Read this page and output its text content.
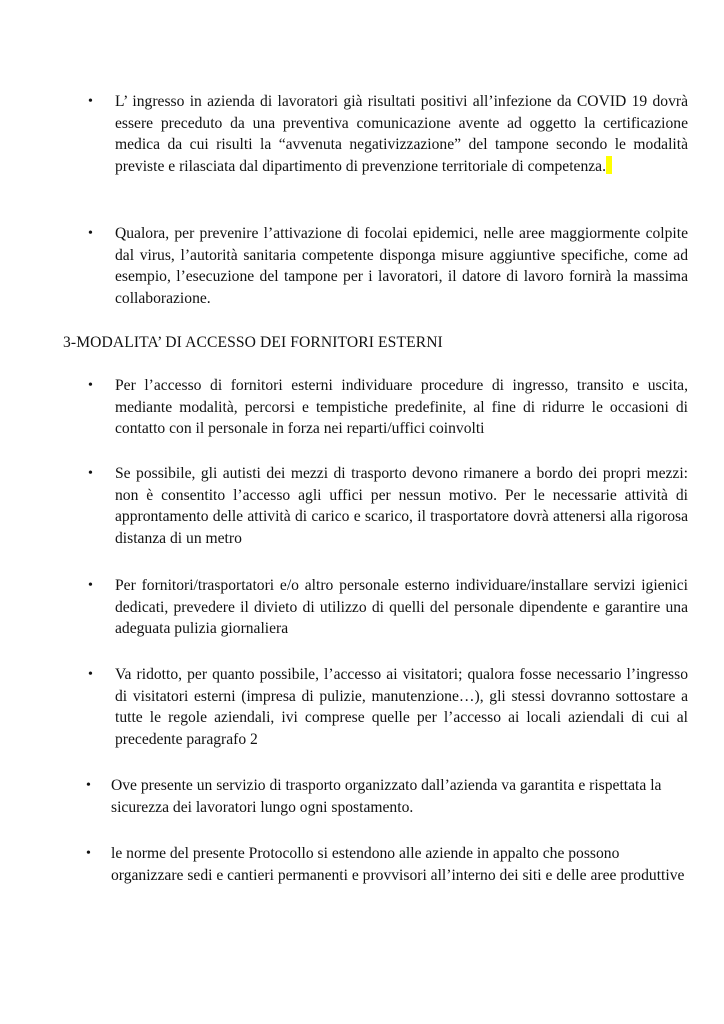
•	L’ ingresso in azienda di lavoratori già risultati positivi all’infezione da COVID 19 dovrà essere preceduto da una preventiva comunicazione avente ad oggetto la certificazione medica da cui risulti la “avvenuta negativizzazione” del tampone secondo le modalità previste e rilasciata dal dipartimento di prevenzione territoriale di competenza.
•	Qualora, per prevenire l’attivazione di focolai epidemici, nelle aree maggiormente colpite dal virus, l’autorità sanitaria competente disponga misure aggiuntive specifiche, come ad esempio, l’esecuzione del tampone per i lavoratori, il datore di lavoro fornirà la massima collaborazione.
3-MODALITA’ DI ACCESSO DEI FORNITORI ESTERNI
•	Per l’accesso di fornitori esterni individuare procedure di ingresso, transito e uscita, mediante modalità, percorsi e tempistiche predefinite, al fine di ridurre le occasioni di contatto con il personale in forza nei reparti/uffici coinvolti
•	Se possibile, gli autisti dei mezzi di trasporto devono rimanere a bordo dei propri mezzi: non è consentito l’accesso agli uffici per nessun motivo. Per le necessarie attività di approntamento delle attività di carico e scarico, il trasportatore dovrà attenersi alla rigorosa distanza di un metro
•	Per fornitori/trasportatori e/o altro personale esterno individuare/installare servizi igienici dedicati, prevedere il divieto di utilizzo di quelli del personale dipendente e garantire una adeguata pulizia giornaliera
•	Va ridotto, per quanto possibile, l’accesso ai visitatori; qualora fosse necessario l’ingresso di visitatori esterni (impresa di pulizie, manutenzione…), gli stessi dovranno sottostare a tutte le regole aziendali, ivi comprese quelle per l’accesso ai locali aziendali di cui al precedente paragrafo 2
•	Ove presente un servizio di trasporto organizzato dall’azienda va garantita e rispettata la sicurezza dei lavoratori lungo ogni spostamento.
•	le norme del presente Protocollo si estendono alle aziende in appalto che possono organizzare sedi e cantieri permanenti e provvisori all’interno dei siti e delle aree produttive
